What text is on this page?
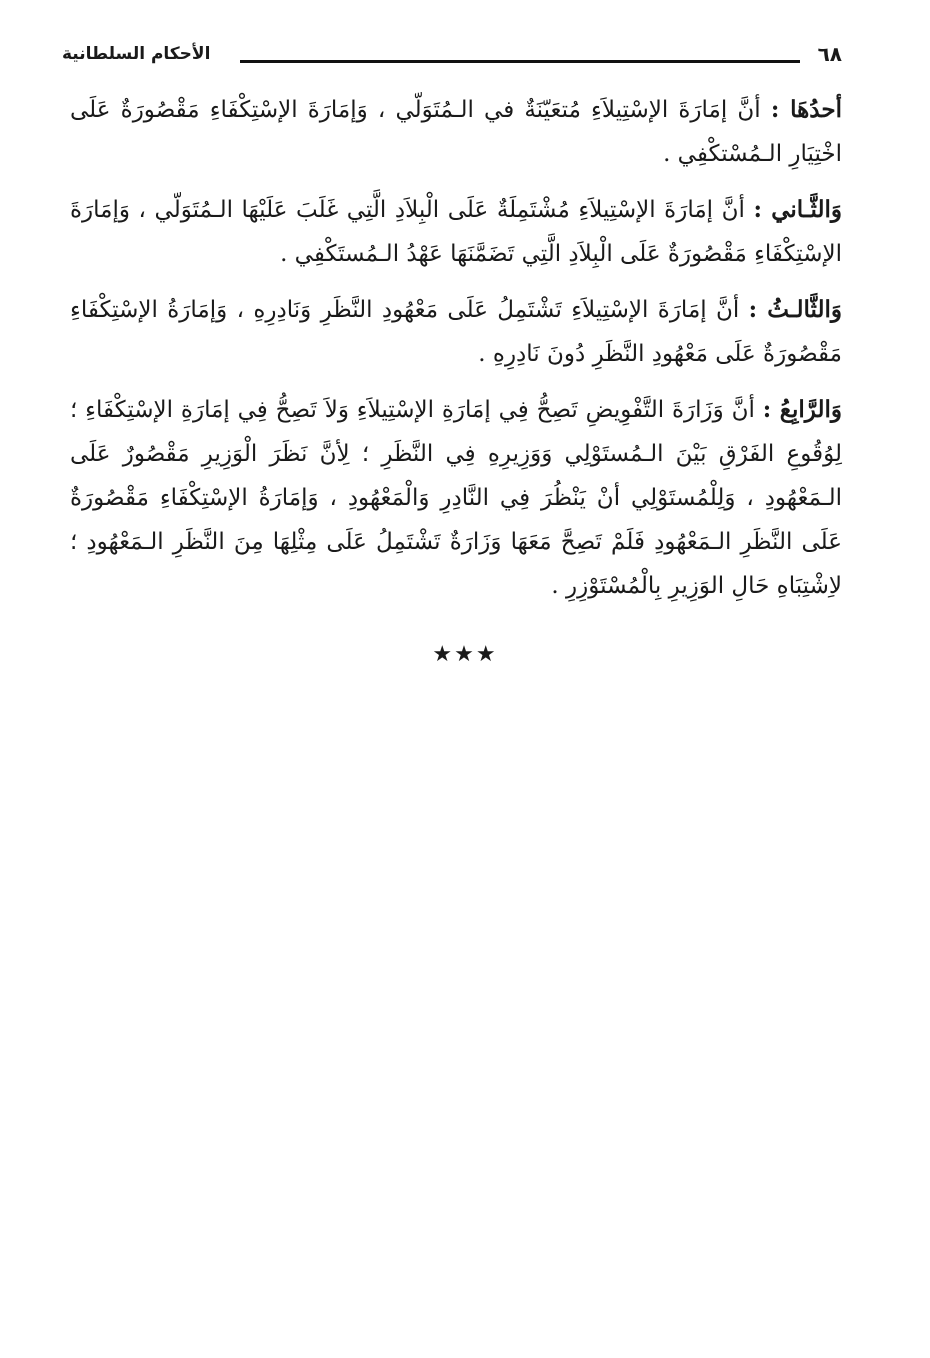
٦٨
الأحكام السلطانية

أحدُهَا : أنَّ إمَارَةَ الإسْتِيلاَءِ مُتعَيّنَةٌ في الـمُتَوَلّي ، وَإمَارَةَ الإسْتِكْفَاءِ مَقْصُورَةٌ عَلَى اخْتِيَارِ الـمُسْتكْفِي .

وَالثَّـاني : أنَّ إمَارَةَ الإسْتِيلاَءِ مُشْتَمِلَةٌ عَلَى الْبِلاَدِ الَّتِي غَلَبَ عَلَيْهَا الـمُتَوَلّي ، وَإمَارَةَ الإسْتِكْفَاءِ مَقْصُورَةٌ عَلَى الْبِلاَدِ الَّتِي تَضَمَّنَهَا عَهْدُ الـمُستَكْفِي .

وَالثَّالـثُ : أنَّ إمَارَةَ الإسْتِيلاَءِ تَشْتَمِلُ عَلَى مَعْهُودِ النَّظَرِ وَنَادِرِهِ ، وَإمَارَةُ الإسْتِكْفَاءِ مَقْصُورَةٌ عَلَى مَعْهُودِ النَّظَرِ دُونَ نَادِرِهِ .

وَالرَّابِعُ : أنَّ وَزَارَةَ التَّفْوِيضِ تَصِحُّ فِي إمَارَةِ الإسْتِيلاَءِ وَلاَ تَصِحُّ فِي إمَارَةِ الإسْتِكْفَاءِ ؛ لِوُقُوعِ الفَرْقِ بَيْنَ الـمُستَوْلِي وَوَزِيرِهِ فِي النَّظَرِ ؛ لِأنَّ نَظَرَ الْوَزِيرِ مَقْصُورٌ عَلَى الـمَعْهُودِ ، وَلِلْمُستَوْلِي أنْ يَنْظُرَ فِي النَّادِرِ وَالْمَعْهُودِ ، وَإمَارَةُ الإسْتِكْفَاءِ مَقْصُورَةٌ عَلَى النَّظَرِ الـمَعْهُودِ فَلَمْ تَصِحَّ مَعَهَا وَزَارَةٌ تَشْتَمِلُ عَلَى مِثْلِهَا مِنَ النَّظَرِ الـمَعْهُودِ ؛ لاِشْتِبَاهِ حَالِ الوَزِيرِ بِالْمُسْتَوْزِرِ .

★★★
